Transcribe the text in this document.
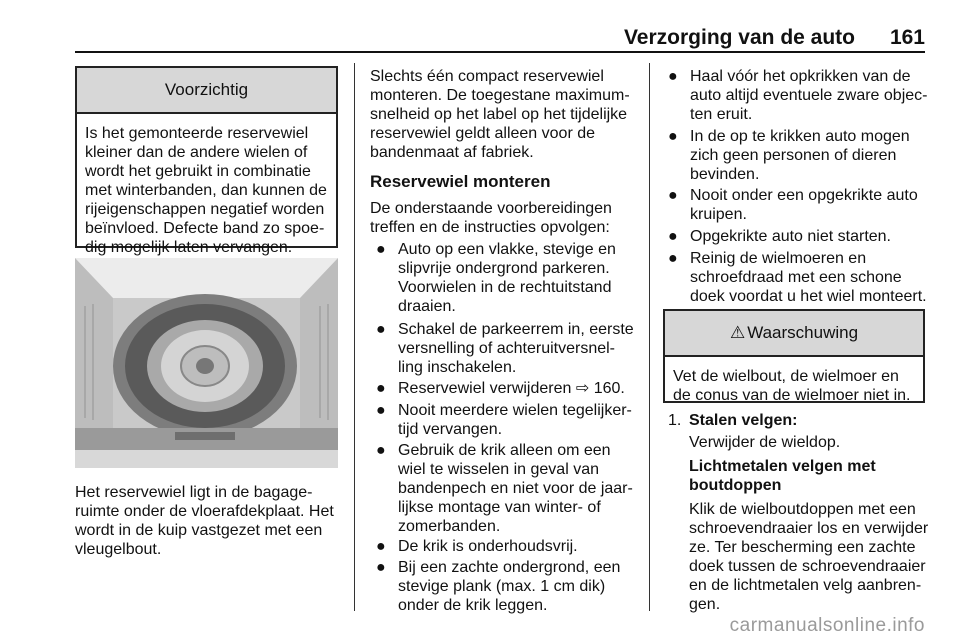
Verzorging van de auto 161
Voorzichtig
Is het gemonteerde reservewiel kleiner dan de andere wielen of wordt het gebruikt in combinatie met winterbanden, dan kunnen de rijeigenschappen negatief worden beïnvloed. Defecte band zo spoe-dig mogelijk laten vervangen.
Het reservewiel ligt in de bagage-ruimte onder de vloerafdekplaat. Het wordt in de kuip vastgezet met een vleugelbout.
Slechts één compact reservewiel monteren. De toegestane maximum-snelheid op het label op het tijdelijke reservewiel geldt alleen voor de bandenmaat af fabriek.
Reservewiel monteren
De onderstaande voorbereidingen treffen en de instructies opvolgen:
● Auto op een vlakke, stevige en slipvrije ondergrond parkeren. Voorwielen in de rechtuitstand draaien.
● Schakel de parkeerrem in, eerste versnelling of achteruitversnel-ling inschakelen.
● Reservewiel verwijderen ⇨ 160.
● Nooit meerdere wielen tegelijker-tijd vervangen.
● Gebruik de krik alleen om een wiel te wisselen in geval van bandenpech en niet voor de jaar-lijkse montage van winter- of zomerbanden.
● De krik is onderhoudsvrij.
● Bij een zachte ondergrond, een stevige plank (max. 1 cm dik) onder de krik leggen.
● Haal vóór het opkrikken van de auto altijd eventuele zware objec-ten eruit.
● In de op te krikken auto mogen zich geen personen of dieren bevinden.
● Nooit onder een opgekrikte auto kruipen.
● Opgekrikte auto niet starten.
● Reinig de wielmoeren en schroefdraad met een schone doek voordat u het wiel monteert.
⚠ Waarschuwing
Vet de wielbout, de wielmoer en de conus van de wielmoer niet in.
1. Stalen velgen:
Verwijder de wieldop.
Lichtmetalen velgen met boutdoppen
Klik de wielboutdoppen met een schroevendraaier los en verwijder ze. Ter bescherming een zachte doek tussen de schroevendraaier en de lichtmetalen velg aanbren-gen.
carmanualsonline.info
